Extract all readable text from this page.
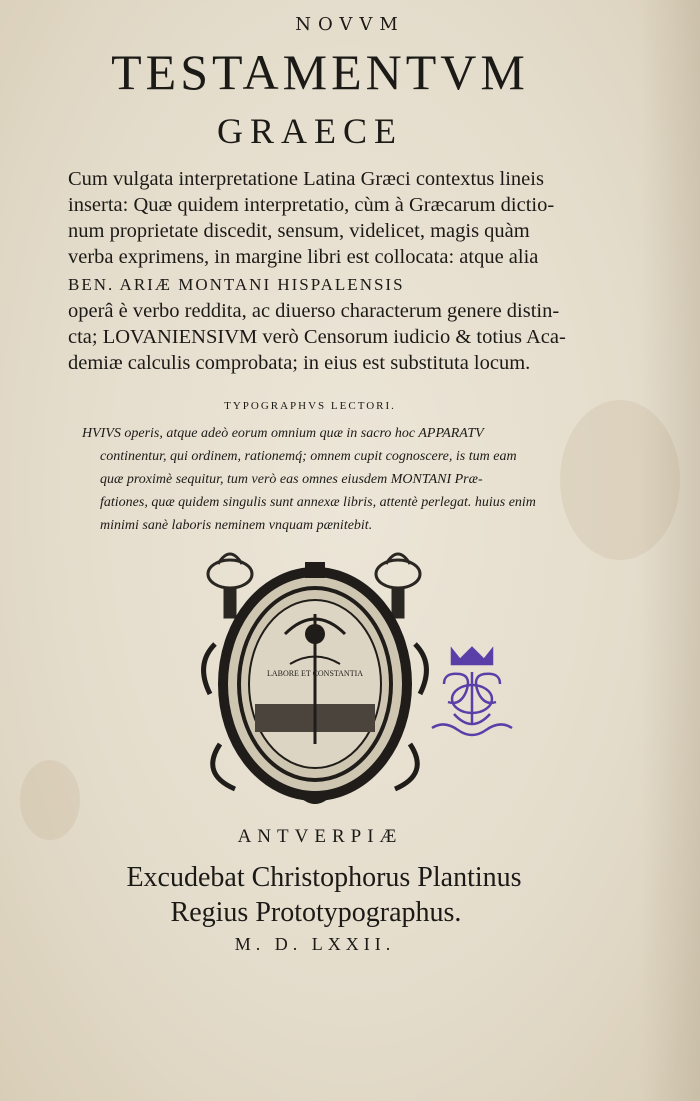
NOVVM
TESTAMENTVM
GRAECE
Cum vulgata interpretatione Latina Græci contextus lineis
inserta: Quæ quidem interpretatio, cùm à Græcarum dictio-
num proprietate discedit, sensum, videlicet, magis quàm
verba exprimens, in margine libri est collocata: atque alia
BEN. ARIÆ MONTANI HISPALENSIS
operâ è verbo reddita, ac diuerso characterum genere distin-
cta; LOVANIENSIVM verò Censorum iudicio & totius Aca-
demiæ calculis comprobata; in eius est substituta locum.
TYPOGRAPHVS LECTORI.
HVIVS operis, atque adeò eorum omnium quæ in sacro hoc APPARATV
continentur, qui ordinem, rationemq́; omnem cupit cognoscere, is tum eam
quæ proximè sequitur, tum verò eas omnes eiusdem MONTANI Præ-
fationes, quæ quidem singulis sunt annexæ libris, attentè perlegat. huius enim
minimi sanè laboris neminem vnquam pænitebit.
LABORE ET CONSTANTIA
ANTVERPIÆ
Excudebat Christophorus Plantinus
Regius Prototypographus.
M. D. LXXII.
